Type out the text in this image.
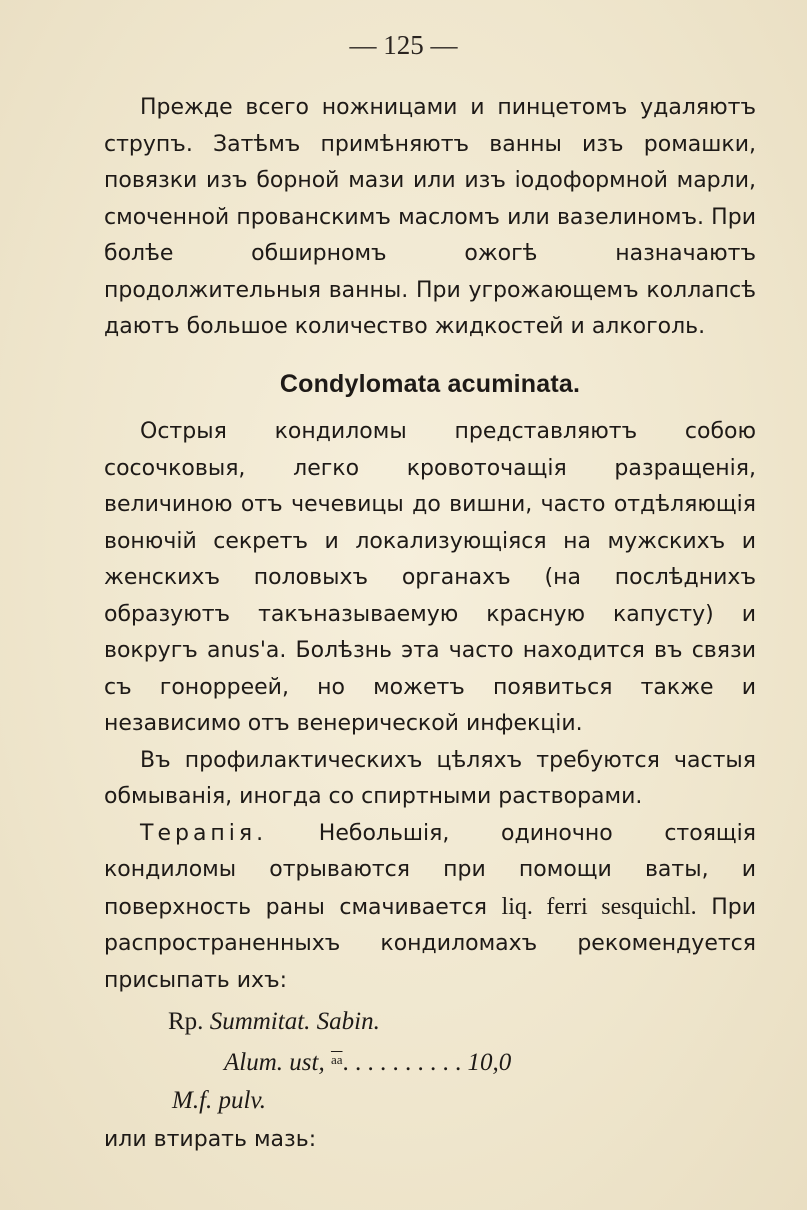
— 125 —

Прежде всего ножницами и пинцетомъ удаляютъ струпъ. Затѣмъ примѣняютъ ванны изъ ромашки, повязки изъ борной мази или изъ іодоформной марли, смоченной прованскимъ масломъ или вазелиномъ. При болѣе обширномъ ожогѣ назначаютъ продолжительныя ванны. При угрожающемъ коллапсѣ даютъ большое количество жидкостей и алкоголь.

Condylomata acuminata.

Острыя кондиломы представляютъ собою сосочковыя, легко кровоточащія разращенія, величиною отъ чечевицы до вишни, часто отдѣляющія вонючій секретъ и локализующіяся на мужскихъ и женскихъ половыхъ органахъ (на послѣднихъ образуютъ такъназываемую красную капусту) и вокругъ anus'a. Болѣзнь эта часто находится въ связи съ гонорреей, но можетъ появиться также и независимо отъ венерической инфекціи.

Въ профилактическихъ цѣляхъ требуются частыя обмыванія, иногда со спиртными растворами.

Терапія. Небольшія, одиночно стоящія кондиломы отрываются при помощи ваты, и поверхность раны смачивается liq. ferri sesquichl. При распространенныхъ кондиломахъ рекомендуется присыпать ихъ:

Rp. Summitat. Sabin.
Alum. ust, $^{\overline{aa}}$. . . . . . . . . . 10,0
M.f. pulv.

или втирать мазь:
